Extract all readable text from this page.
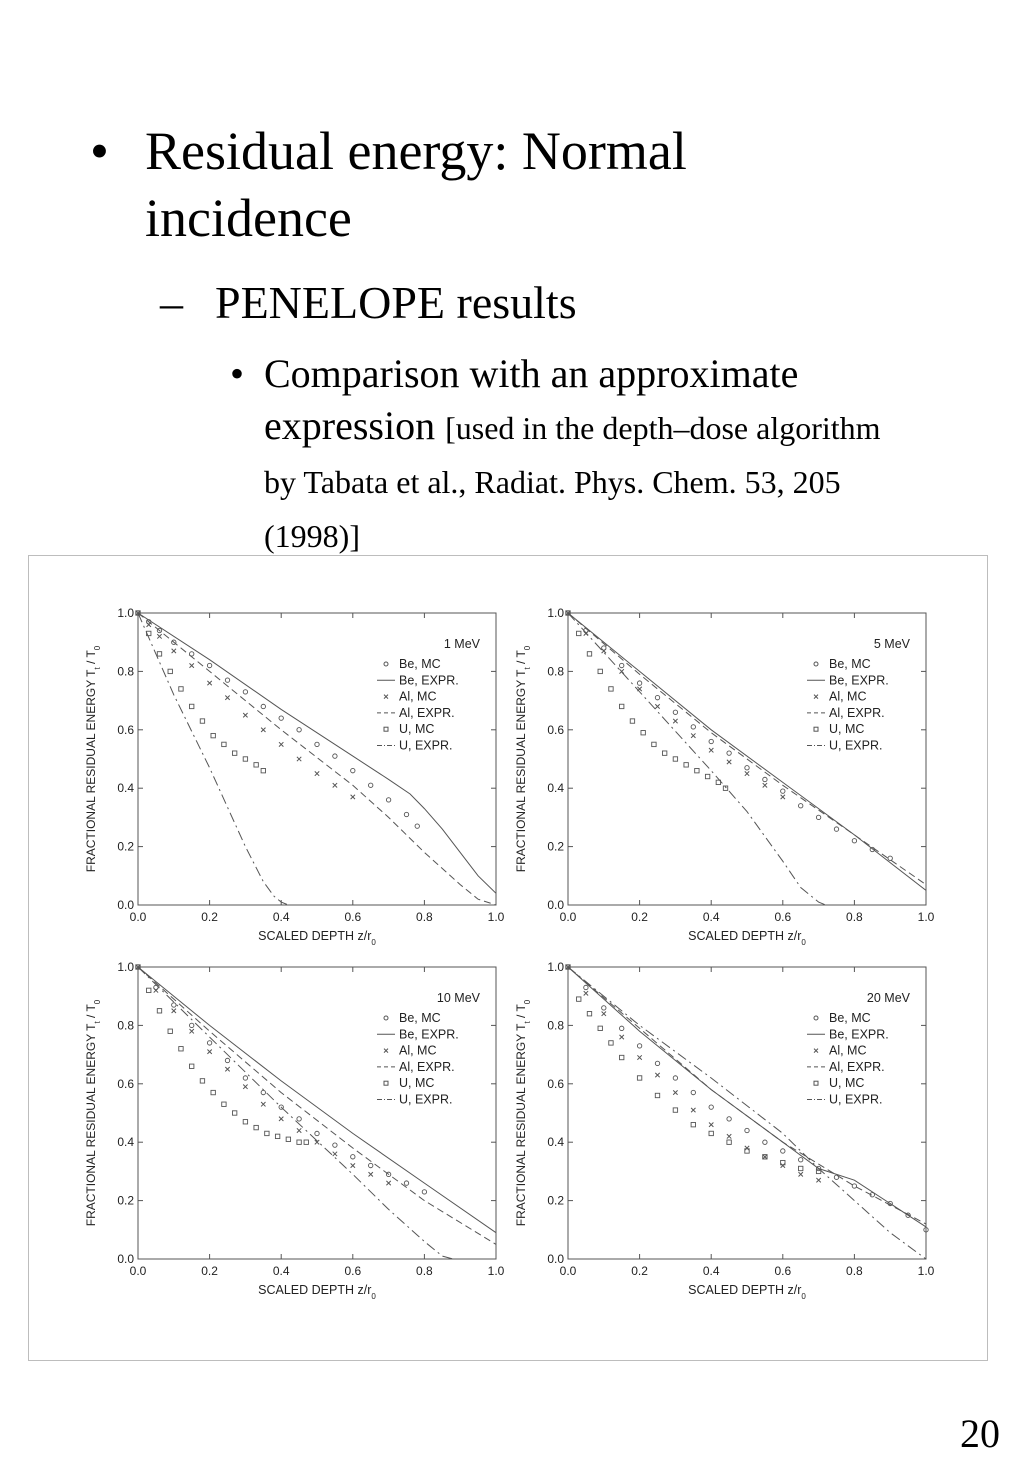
• Residual energy: Normal incidence
– PENELOPE results
• Comparison with an approximate expression [used in the depth–dose algorithm by Tabata et al., Radiat. Phys. Chem. 53, 205 (1998)]
0.0	0.2	0.4	0.6	0.8	1.0
0.0
0.2
0.4
0.6
0.8
1.0
SCALED DEPTH $z/r_0$
FRACTIONAL RESIDUAL ENERGY $T_t / T_0$	1 MeV
Be, MC
Be, EXPR.
Al, MC
Al, EXPR.
U, MC
U, EXPR.
0.0	0.2	0.4	0.6	0.8	1.0
0.0
0.2
0.4
0.6
0.8
1.0
SCALED DEPTH $z/r_0$
FRACTIONAL RESIDUAL ENERGY $T_t / T_0$	5 MeV
Be, MC
Be, EXPR.
Al, MC
Al, EXPR.
U, MC
U, EXPR.
0.0	0.2	0.4	0.6	0.8	1.0
0.0
0.2
0.4
0.6
0.8
1.0
SCALED DEPTH $z/r_0$
FRACTIONAL RESIDUAL ENERGY $T_t / T_0$	10 MeV
Be, MC
Be, EXPR.
Al, MC
Al, EXPR.
U, MC
U, EXPR.
0.0	0.2	0.4	0.6	0.8	1.0
0.0
0.2
0.4
0.6
0.8
1.0
SCALED DEPTH $z/r_0$
FRACTIONAL RESIDUAL ENERGY $T_t / T_0$	20 MeV
Be, MC
Be, EXPR.
Al, MC
Al, EXPR.
U, MC
U, EXPR.
20
